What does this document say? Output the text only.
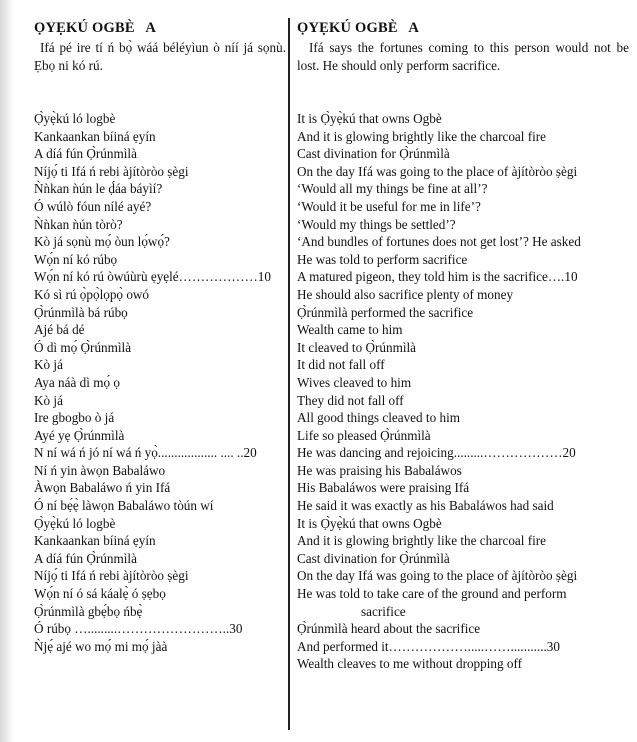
ỌYẸKÚ OGBÈ   A
Ifá pé ire tí ń bọ̀ wáá béléyìun ò níí já sọnù. Ẹbọ ni kó rú.
Ọ̀yẹ̀kú ló logbè
Kankaankan bíiná ẹyín
A díá fún Ọ̀rúnmìlà
Níjọ́ ti Ifá ń rebi àjítòròo ṣègi
Ǹǹkan ǹún le ḍ́áa báyìí?
Ó wúlò fóun nílé ayé?
Ǹǹkan ǹún tòrò?
Kò já sọnù mọ́ òun lọ́wọ́?
Wọ́n ní kó rúbọ
Wọ́n ní kó rú òwúùrù ẹyẹlé………………10
Kó sì rú ọ̀pọ̀lọpọ̀ owó
Ọ̀rúnmìlà bá rúbọ
Ajé bá dé
Ó dì mọ́ Ọ̀rúnmìlà
Kò já
Aya náà dì mọ́ ọ
Kò já
Ire gbogbo ò já
Ayé yẹ Ọ̀rúnmìlà
N ní wá ń jó ní wá ń yọ̀.................. .... ..20
Ní ń yin àwọn Babaláwo
Àwọn Babaláwo ń yin Ifá
Ó ní bẹ́ẹ̀ làwọn Babaláwo tòún wí
Ọ̀yẹ̀kú ló logbè
Kankaankan bíiná ẹyín
A díá fún Ọ̀rúnmìlà
Níjọ́ ti Ifá ń rebi àjítòròo ṣègi
Wọ́n ní ó sá káalẹ̀ ó ṣẹbọ
Ọ̀rúnmìlà gbẹ́bọ ńbẹ̀
Ó rúbọ ….........……………………..30
Ǹjẹ́ ajé wo mọ́ mi mọ́ jàà
ỌYẸKÚ OGBÈ   A
Ifá says the fortunes coming to this person would not be lost. He should only perform sacrifice.
It is Ọ̀yẹ̀kú that owns Ogbè
And it is glowing brightly like the charcoal fire
Cast divination for Ọ̀rúnmìlà
On the day Ifá was going to the place of àjítòròo ṣègi
‘Would all my things be fine at all’?
‘Would it be useful for me in life’?
‘Would my things be settled’?
‘And bundles of fortunes does not get lost’? He asked
He was told to perform sacrifice
A matured pigeon, they told him is the sacrifice….10
He should also sacrifice plenty of money
Ọ̀rúnmìlà performed the sacrifice
Wealth came to him
It cleaved to Ọ̀rúnmìlà
It did not fall off
Wives cleaved to him
They did not fall off
All good things cleaved to him
Life so pleased Ọ̀rúnmìlà
He was dancing and rejoicing.........………………20
He was praising his Babaláwos
His Babaláwos were praising Ifá
He said it was exactly as his Babaláwos had said
It is Ọ̀yẹ̀kú that owns Ogbè
And it is glowing brightly like the charcoal fire
Cast divination for Ọ̀rúnmìlà
On the day Ifá was going to the place of àjítòròo ṣègi
He was told to take care of the ground and perform
sacrifice
Ọ̀rúnmìlà heard about the sacrifice
And performed it……………….....……...........30
Wealth cleaves to me without dropping off
